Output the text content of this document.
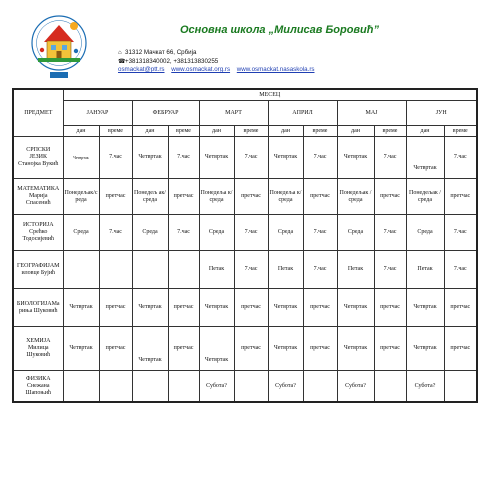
Основна школа „Милисав Боровић”
⌂ 31312 Мачкат 66, Србија
☎+381318340002, +381313830255
osmackat@ptt.rs www.osmackat.org.rs www.osmackat.nasaskola.rs
ПРЕДМЕТ	МЕСЕЦ											
	ЈАНУАР		ФЕБРУАР		МАРТ		АПРИЛ		МАЈ		ЈУН	
	дан	време	дан	време	дан	време	дан	време	дан	време	дан	време

СРПСКИ
ЈЕЗИК
Станојка Вукић	Четвртак	7.час	Четвртак	7.час	Четвртак	7.час	Четвртак	7.час	Четвртак	7.час	Четвртак	7.час

МАТЕМАТИКА
Марија
Спасенић	Понедељак/с реда	претчас	Понедељ ак/ среда	претчас	Понедеља к/ среда	претчас	Понедеља к/среда	претчас	Понедељак /среда	претчас	Понедељак /среда	претчас

ИСТОРИЈА
Срећко
Тодосијевић	Среда	7.час	Среда	7.час	Среда	7.час	Среда	7.час	Среда	7.час	Среда	7.час

ГЕОГРАФИЈАМ
иловце Бујић					Петак	7.час	Петак	7.час	Петак	7.час	Петак	7.час

БИОЛОГИЈАМа
риња Шуковић	Четвртак	претчас	Четвртак	претчас	Четвртак	претчас	Четвртак	претчас	Четвртак	претчас	Четвртак	претчас

ХЕМИЈА
Милица
Шуковић	Четвртак	претчас	Четвртак	претчас	Четвртак	претчас	Четвртак	претчас	Четвртак	претчас	Четвртак	претчас

ФИЗИКА
Снежана
Шапоњић					Субота?		Субота?		Субота?		Субота?	
